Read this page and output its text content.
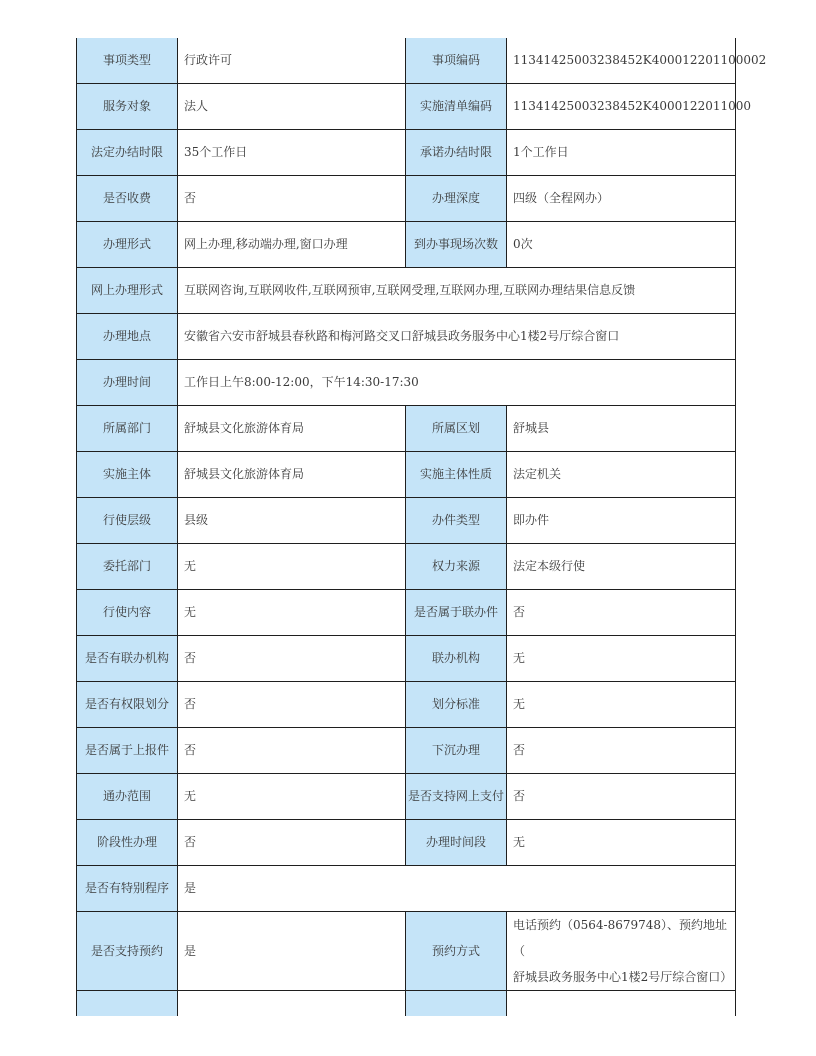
事项类型	行政许可	事项编码	11341425003238452K400012201100002
服务对象	法人	实施清单编码	11341425003238452K4000122011000
法定办结时限	35个工作日	承诺办结时限	1个工作日
是否收费	否	办理深度	四级（全程网办）
办理形式	网上办理,移动端办理,窗口办理	到办事现场次数	0次
网上办理形式	互联网咨询,互联网收件,互联网预审,互联网受理,互联网办理,互联网办理结果信息反馈		
办理地点	安徽省六安市舒城县春秋路和梅河路交叉口舒城县政务服务中心1楼2号厅综合窗口		
办理时间	工作日上午8:00-12:00，下午14:30-17:30		
所属部门	舒城县文化旅游体育局	所属区划	舒城县
实施主体	舒城县文化旅游体育局	实施主体性质	法定机关
行使层级	县级	办件类型	即办件
委托部门	无	权力来源	法定本级行使
行使内容	无	是否属于联办件	否
是否有联办机构	否	联办机构	无
是否有权限划分	否	划分标准	无
是否属于上报件	否	下沉办理	否
通办范围	无	是否支持网上支付	否
阶段性办理	否	办理时间段	无
是否有特别程序	是		
是否支持预约	是	预约方式	电话预约（0564-8679748）、预约地址（
舒城县政务服务中心1楼2号厅综合窗口）
